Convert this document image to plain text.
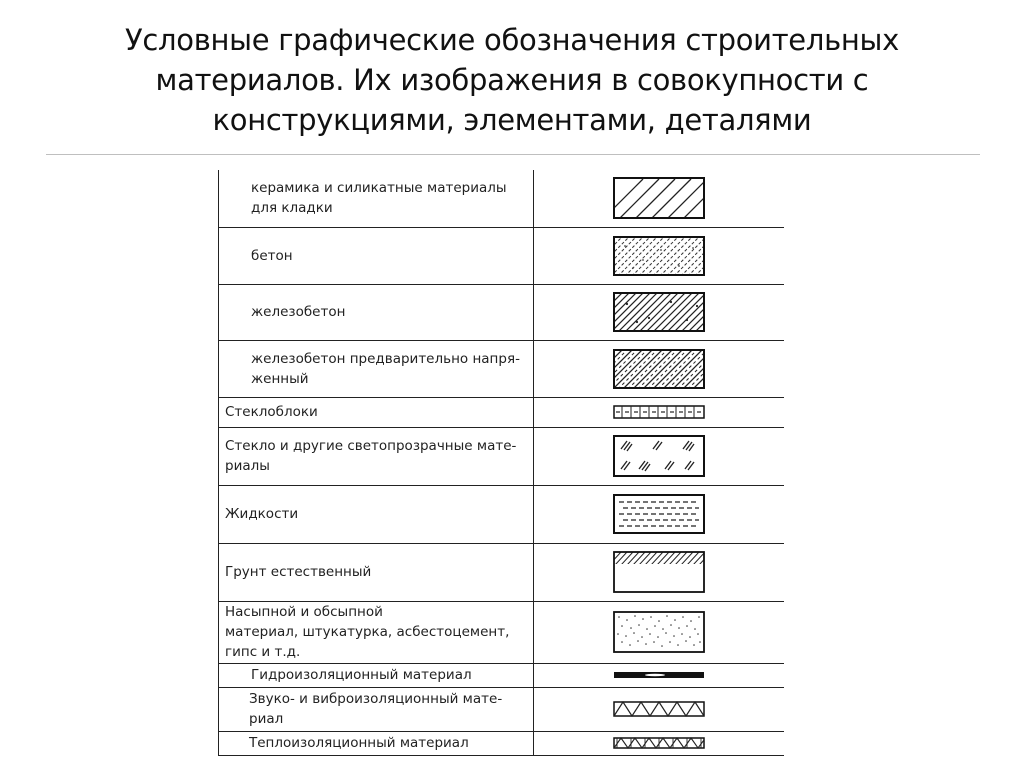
Условные графические обозначения строительных
материалов. Их изображения в совокупности с
конструкциями, элементами, деталями
керамика и силикатные материалы
для кладки

бетон

железобетон

железобетон предварительно напря-
женный

Стеклоблоки

Стекло и другие светопрозрачные мате-
риалы

Жидкости

Грунт естественный

Насыпной и обсыпной
материал, штукатурка, асбестоцемент,
гипс и т.д.

Гидроизоляционный материал

Звуко- и виброизоляционный мате-
риал

Теплоизоляционный материал
